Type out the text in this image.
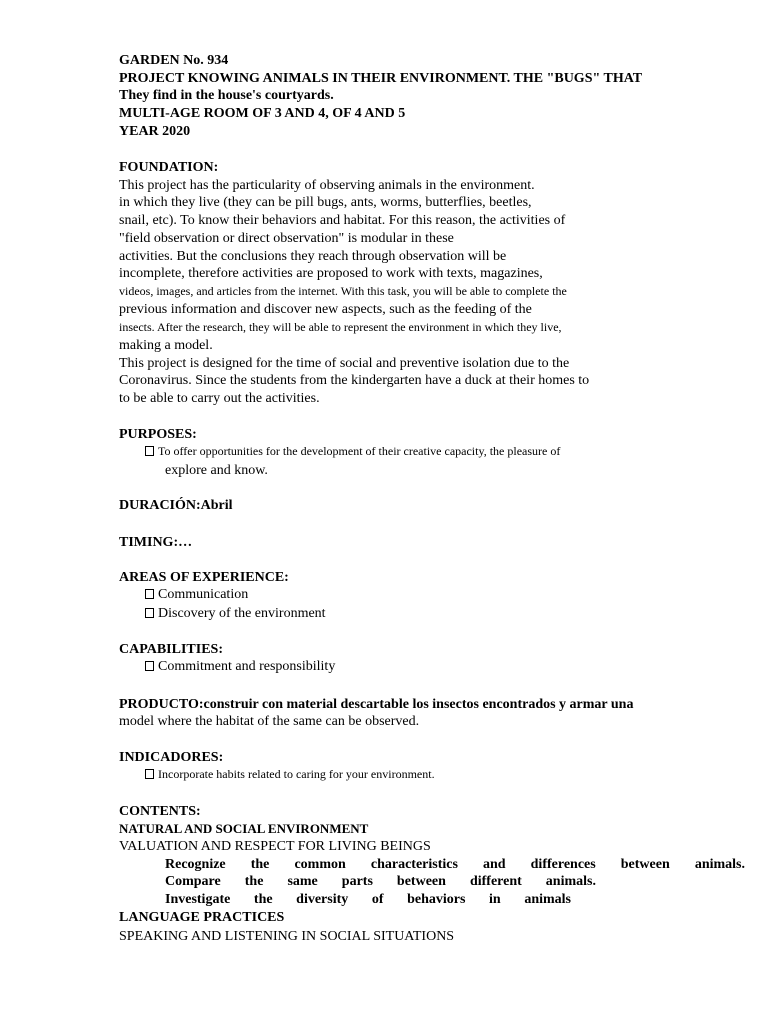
GARDEN No. 934
PROJECT KNOWING ANIMALS IN THEIR ENVIRONMENT. THE "BUGS" THAT
They find in the house's courtyards.
MULTI-AGE ROOM OF 3 AND 4, OF 4 AND 5
YEAR 2020
FOUNDATION:
This project has the particularity of observing animals in the environment.
in which they live (they can be pill bugs, ants, worms, butterflies, beetles,
snail, etc). To know their behaviors and habitat. For this reason, the activities of
"field observation or direct observation" is modular in these
activities. But the conclusions they reach through observation will be
incomplete, therefore activities are proposed to work with texts, magazines,
videos, images, and articles from the internet. With this task, you will be able to complete the
previous information and discover new aspects, such as the feeding of the
insects. After the research, they will be able to represent the environment in which they live,
making a model.
This project is designed for the time of social and preventive isolation due to the
Coronavirus. Since the students from the kindergarten have a duck at their homes to
to be able to carry out the activities.
PURPOSES:
To offer opportunities for the development of their creative capacity, the pleasure of
explore and know.
DURACIÓN:Abril
TIMING:…
AREAS OF EXPERIENCE:
Communication
Discovery of the environment
CAPABILITIES:
Commitment and responsibility
PRODUCTO:construir con material descartable los insectos encontrados y armar una
model where the habitat of the same can be observed.
INDICADORES:
Incorporate habits related to caring for your environment.
CONTENTS:
NATURAL AND SOCIAL ENVIRONMENT
VALUATION AND RESPECT FOR LIVING BEINGS
Recognize the common characteristics and differences between animals.
Compare the same parts between different animals.
Investigate the diversity of behaviors in animals
LANGUAGE PRACTICES
SPEAKING AND LISTENING IN SOCIAL SITUATIONS
